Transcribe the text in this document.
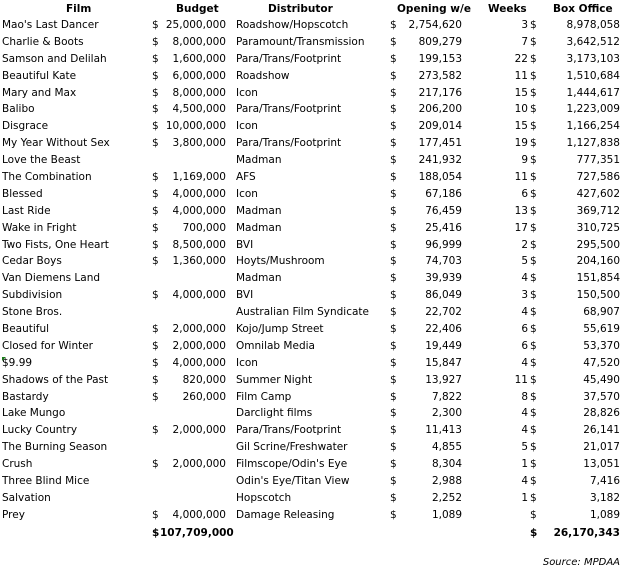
Film	Budget	Distributor	Opening w/e Weeks	Box Office
Mao's Last Dancer	$ 25,000,000 Roadshow/Hopscotch	$	2,754,620	3 $	8,978,058
Charlie & Boots	$	8,000,000 Paramount/Transmission	$	809,279	7 $	3,642,512
Samson and Delilah	$	1,600,000 Para/Trans/Footprint	$	199,153	22 $	3,173,103
Beautiful Kate	$	6,000,000 Roadshow	$	273,582	11 $	1,510,684
Mary and Max	$	8,000,000 Icon	$	217,176	15 $	1,444,617
Balibo	$	4,500,000 Para/Trans/Footprint	$	206,200	10 $	1,223,009
Disgrace	$ 10,000,000 Icon	$	209,014	15 $	1,166,254
My Year Without Sex	$	3,800,000 Para/Trans/Footprint	$	177,451	19 $	1,127,838
Love the Beast	Madman	$	241,932	9 $	777,351
The Combination	$	1,169,000 AFS	$	188,054	11 $	727,586
Blessed	$	4,000,000 Icon	$	67,186	6 $	427,602
Last Ride	$	4,000,000 Madman	$	76,459	13 $	369,712
Wake in Fright	$	700,000 Madman	$	25,416	17 $	310,725
Two Fists, One Heart	$	8,500,000 BVI	$	96,999	2 $	295,500
Cedar Boys	$	1,360,000 Hoyts/Mushroom	$	74,703	5 $	204,160
Van Diemens Land	Madman	$	39,939	4 $	151,854
Subdivision	$	4,000,000 BVI	$	86,049	3 $	150,500
Stone Bros.	Australian Film Syndicate	$	22,702	4 $	68,907
Beautiful	$	2,000,000 Kojo/Jump Street	$	22,406	6 $	55,619
Closed for Winter	$	2,000,000 Omnilab Media	$	19,449	6 $	53,370
$9.99	$	4,000,000 Icon	$	15,847	4 $	47,520
Shadows of the Past	$	820,000 Summer Night	$	13,927	11 $	45,490
Bastardy	$	260,000 Film Camp	$	7,822	8 $	37,570
Lake Mungo	Darclight films	$	2,300	4 $	28,826
Lucky Country	$	2,000,000 Para/Trans/Footprint	$	11,413	4 $	26,141
The Burning Season	Gil Scrine/Freshwater	$	4,855	5 $	21,017
Crush	$	2,000,000 Filmscope/Odin's Eye	$	8,304	1 $	13,051
Three Blind Mice	Odin's Eye/Titan View	$	2,988	4 $	7,416
Salvation	Hopscotch	$	2,252	1 $	3,182
Prey	$	4,000,000 Damage Releasing	$	1,089	$	1,089
$ 107,709,000	$	26,170,343
Source: MPDAA
